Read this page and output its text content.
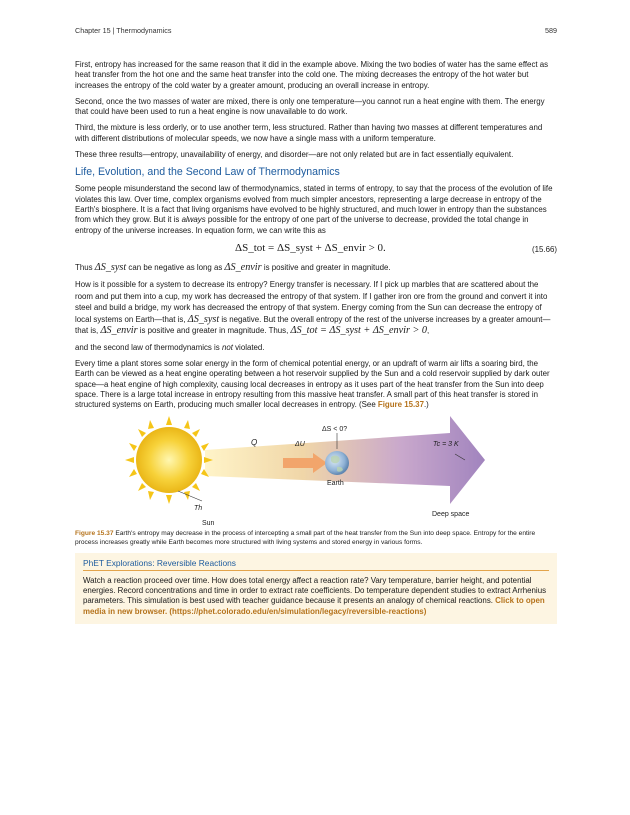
Chapter 15 | Thermodynamics	589

First, entropy has increased for the same reason that it did in the example above. Mixing the two bodies of water has the same effect as heat transfer from the hot one and the same heat transfer into the cold one. The mixing decreases the entropy of the hot water but increases the entropy of the cold water by a greater amount, producing an overall increase in entropy.

Second, once the two masses of water are mixed, there is only one temperature—you cannot run a heat engine with them. The energy that could have been used to run a heat engine is now unavailable to do work.

Third, the mixture is less orderly, or to use another term, less structured. Rather than having two masses at different temperatures and with different distributions of molecular speeds, we now have a single mass with a uniform temperature.

These three results—entropy, unavailability of energy, and disorder—are not only related but are in fact essentially equivalent.

Life, Evolution, and the Second Law of Thermodynamics

Some people misunderstand the second law of thermodynamics, stated in terms of entropy, to say that the process of the evolution of life violates this law. Over time, complex organisms evolved from much simpler ancestors, representing a large decrease in entropy of the Earth's biosphere. It is a fact that living organisms have evolved to be highly structured, and much lower in entropy than the substances from which they grow. But it is always possible for the entropy of one part of the universe to decrease, provided the total change in entropy of the universe increases. In equation form, we can write this as

ΔS_tot = ΔS_syst + ΔS_envir > 0.	(15.66)

Thus ΔS_syst can be negative as long as ΔS_envir is positive and greater in magnitude.

How is it possible for a system to decrease its entropy? Energy transfer is necessary. If I pick up marbles that are scattered about the room and put them into a cup, my work has decreased the entropy of that system. If I gather iron ore from the ground and convert it into steel and build a bridge, my work has decreased the entropy of that system. Energy coming from the Sun can decrease the entropy of local systems on Earth—that is, ΔS_syst is negative. But the overall entropy of the rest of the universe increases by a greater amount—that is, ΔS_envir is positive and greater in magnitude. Thus, ΔS_tot = ΔS_syst + ΔS_envir > 0,

and the second law of thermodynamics is not violated.

Every time a plant stores some solar energy in the form of chemical potential energy, or an updraft of warm air lifts a soaring bird, the Earth can be viewed as a heat engine operating between a hot reservoir supplied by the Sun and a cold reservoir supplied by dark outer space—a heat engine of high complexity, causing local decreases in entropy as it uses part of the heat transfer from the Sun into deep space. There is a large total increase in entropy resulting from this massive heat transfer. A small part of this heat transfer is stored in structured systems on Earth, producing much smaller local decreases in entropy. (See Figure 15.37.)

Q	ΔU
ΔS < 0?
Earth
Tc = 3 K
Deep space
Th
Sun

Figure 15.37 Earth's entropy may decrease in the process of intercepting a small part of the heat transfer from the Sun into deep space. Entropy for the entire process increases greatly while Earth becomes more structured with living systems and stored energy in various forms.

PhET Explorations: Reversible Reactions

Watch a reaction proceed over time. How does total energy affect a reaction rate? Vary temperature, barrier height, and potential energies. Record concentrations and time in order to extract rate coefficients. Do temperature dependent studies to extract Arrhenius parameters. This simulation is best used with teacher guidance because it presents an analogy of chemical reactions. Click to open media in new browser. (https://phet.colorado.edu/en/simulation/legacy/reversible-reactions)
